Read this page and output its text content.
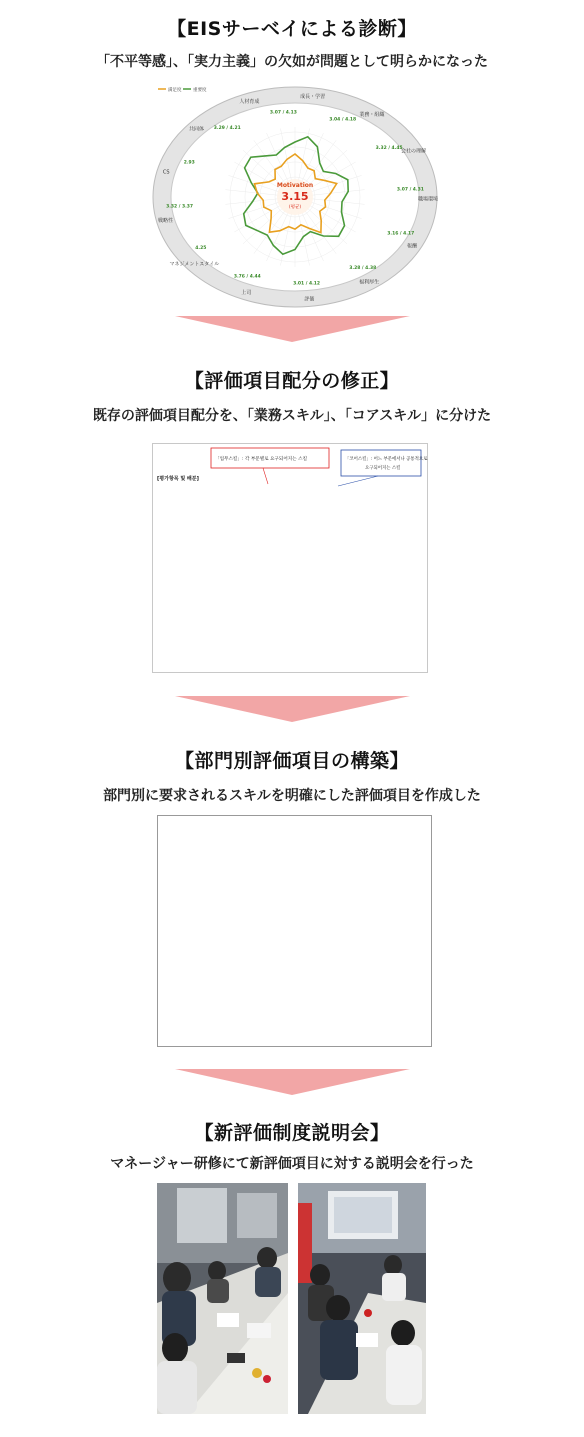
【EISサーベイによる診断】
「不平等感」、「実力主義」の欠如が問題として明らかになった
人材育成
成長・学習
業務・組織
会社の理解
職場環境
報酬
福利厚生
評価
上司
マネジメントスタイル
戦略性
CS
共同体
3.07 / 4.13
3.04 / 4.18
3.32 / 4.45
3.07 / 4.31
3.16 / 4.17
3.28 / 4.38
3.01 / 4.12
3.76 / 4.44
4.25
3.32 / 3.37
2.93
3.29 / 4.21
Motivation
3.15
(평균)
満足度	重要度
【評価項目配分の修正】
既存の評価項目配分を、「業務スキル」、「コアスキル」に分けた
「업무스킬」: 각 부문별로 요구되어지는 스킬	「코어스킬」: 어느 부문에서나 공통적으로
요구되어지는 스킬
[평가항목 및 배분]
【部門別評価項目の構築】
部門別に要求されるスキルを明確にした評価項目を作成した
【新評価制度説明会】
マネージャー研修にて新評価項目に対する説明会を行った
